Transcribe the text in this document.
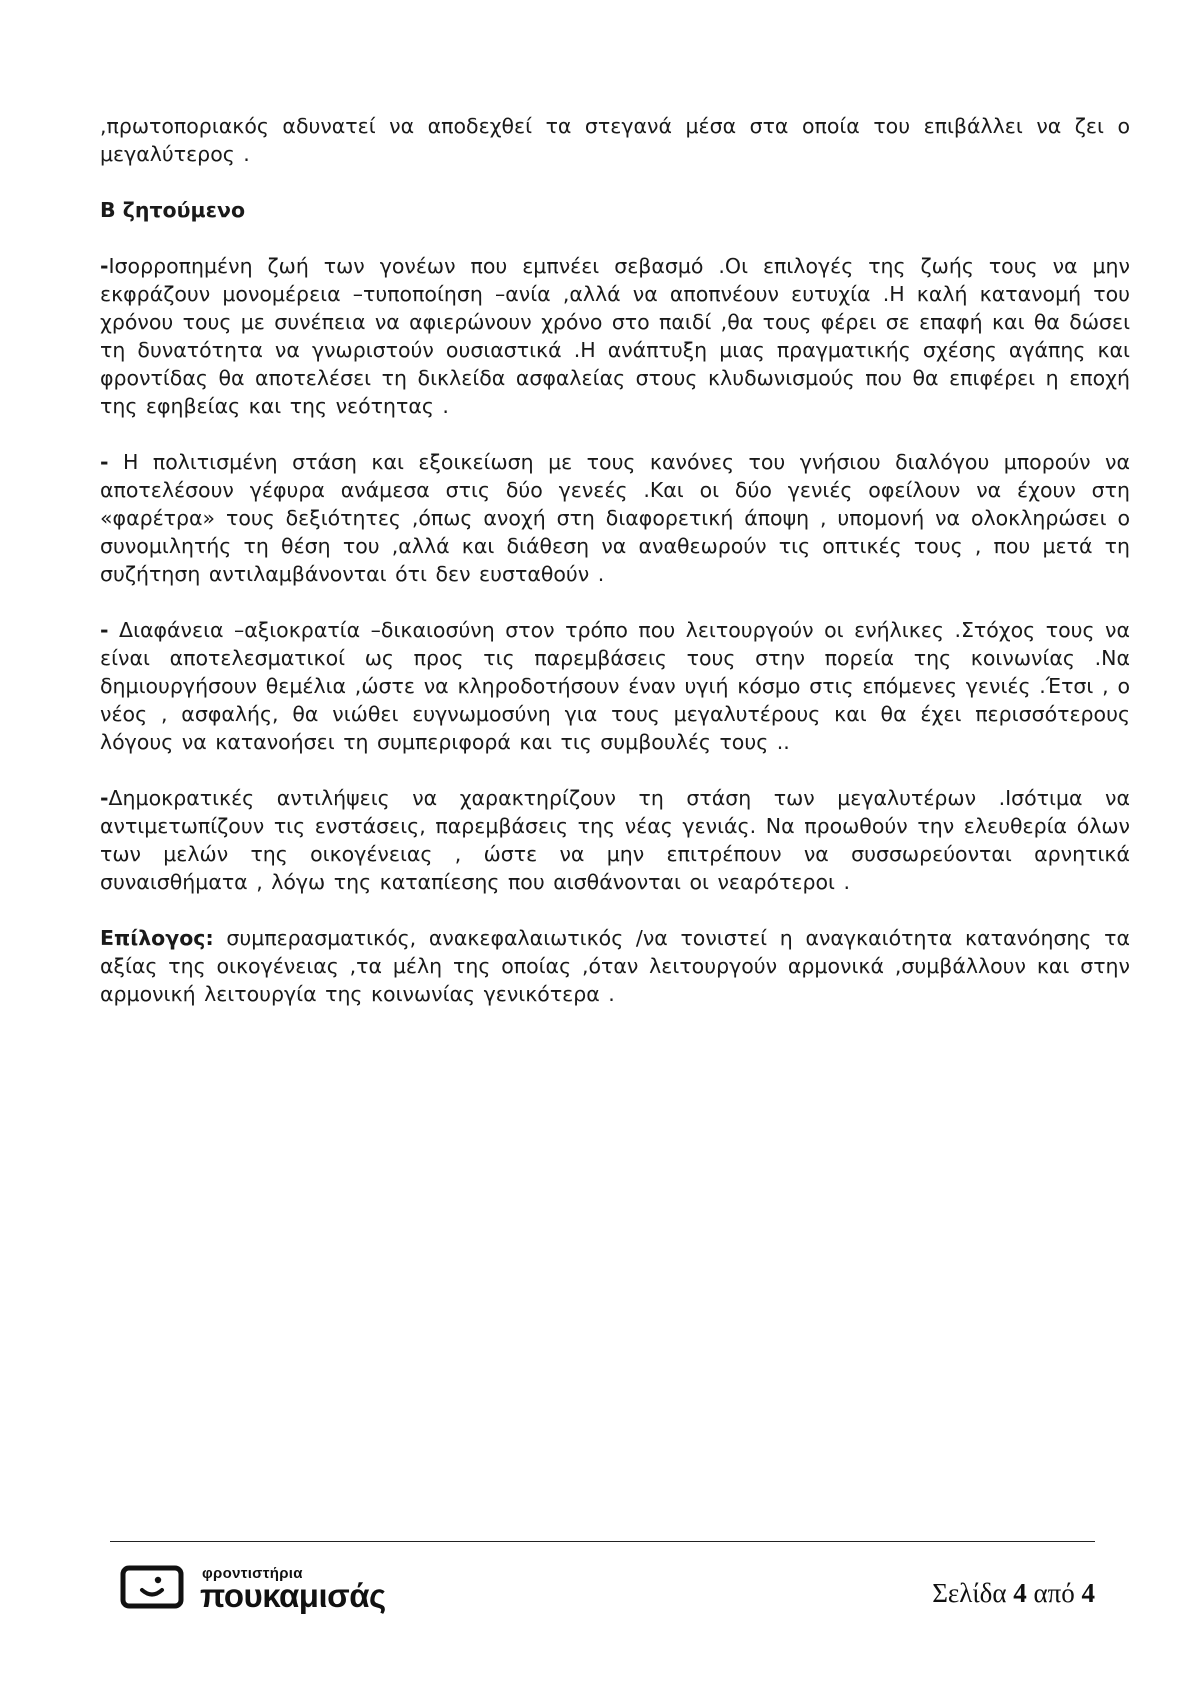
,πρωτοποριακός αδυνατεί να αποδεχθεί τα στεγανά μέσα στα οποία του επιβάλλει να ζει ο μεγαλύτερος .

Β ζητούμενο

-Ισορροπημένη ζωή των γονέων που εμπνέει σεβασμό .Οι επιλογές της ζωής τους να μην εκφράζουν μονομέρεια –τυποποίηση –ανία ,αλλά να αποπνέουν ευτυχία .Η καλή κατανομή του χρόνου τους με συνέπεια να αφιερώνουν χρόνο στο παιδί ,θα τους φέρει σε επαφή και θα δώσει τη δυνατότητα να γνωριστούν ουσιαστικά .Η ανάπτυξη μιας πραγματικής σχέσης αγάπης και φροντίδας θα αποτελέσει τη δικλείδα ασφαλείας στους κλυδωνισμούς που θα επιφέρει η εποχή της εφηβείας και της νεότητας .

- Η πολιτισμένη στάση και εξοικείωση με τους κανόνες του γνήσιου διαλόγου μπορούν να αποτελέσουν γέφυρα ανάμεσα στις δύο γενεές .Και οι δύο γενιές οφείλουν να έχουν στη «φαρέτρα» τους δεξιότητες ,όπως ανοχή στη διαφορετική άποψη , υπομονή να ολοκληρώσει ο συνομιλητής τη θέση του ,αλλά και διάθεση να αναθεωρούν τις οπτικές τους , που μετά τη συζήτηση αντιλαμβάνονται ότι δεν ευσταθούν .

- Διαφάνεια –αξιοκρατία –δικαιοσύνη στον τρόπο που λειτουργούν οι ενήλικες .Στόχος τους να είναι αποτελεσματικοί ως προς τις παρεμβάσεις τους στην πορεία της κοινωνίας .Να δημιουργήσουν θεμέλια ,ώστε να κληροδοτήσουν έναν υγιή κόσμο στις επόμενες γενιές .Έτσι , ο νέος , ασφαλής, θα νιώθει ευγνωμοσύνη για τους μεγαλυτέρους και θα έχει περισσότερους λόγους να κατανοήσει τη συμπεριφορά και τις συμβουλές τους ..

-Δημοκρατικές αντιλήψεις να χαρακτηρίζουν τη στάση των μεγαλυτέρων .Ισότιμα να αντιμετωπίζουν τις ενστάσεις, παρεμβάσεις της νέας γενιάς. Να προωθούν την ελευθερία όλων των μελών της οικογένειας , ώστε να μην επιτρέπουν να συσσωρεύονται αρνητικά συναισθήματα , λόγω της καταπίεσης που αισθάνονται οι νεαρότεροι .

Επίλογος: συμπερασματικός, ανακεφαλαιωτικός /να τονιστεί η αναγκαιότητα κατανόησης τα αξίας της οικογένειας ,τα μέλη της οποίας ,όταν λειτουργούν αρμονικά ,συμβάλλουν και στην αρμονική λειτουργία της κοινωνίας γενικότερα .

φροντιστήρια
πουκαμισάς	Σελίδα 4 από 4
